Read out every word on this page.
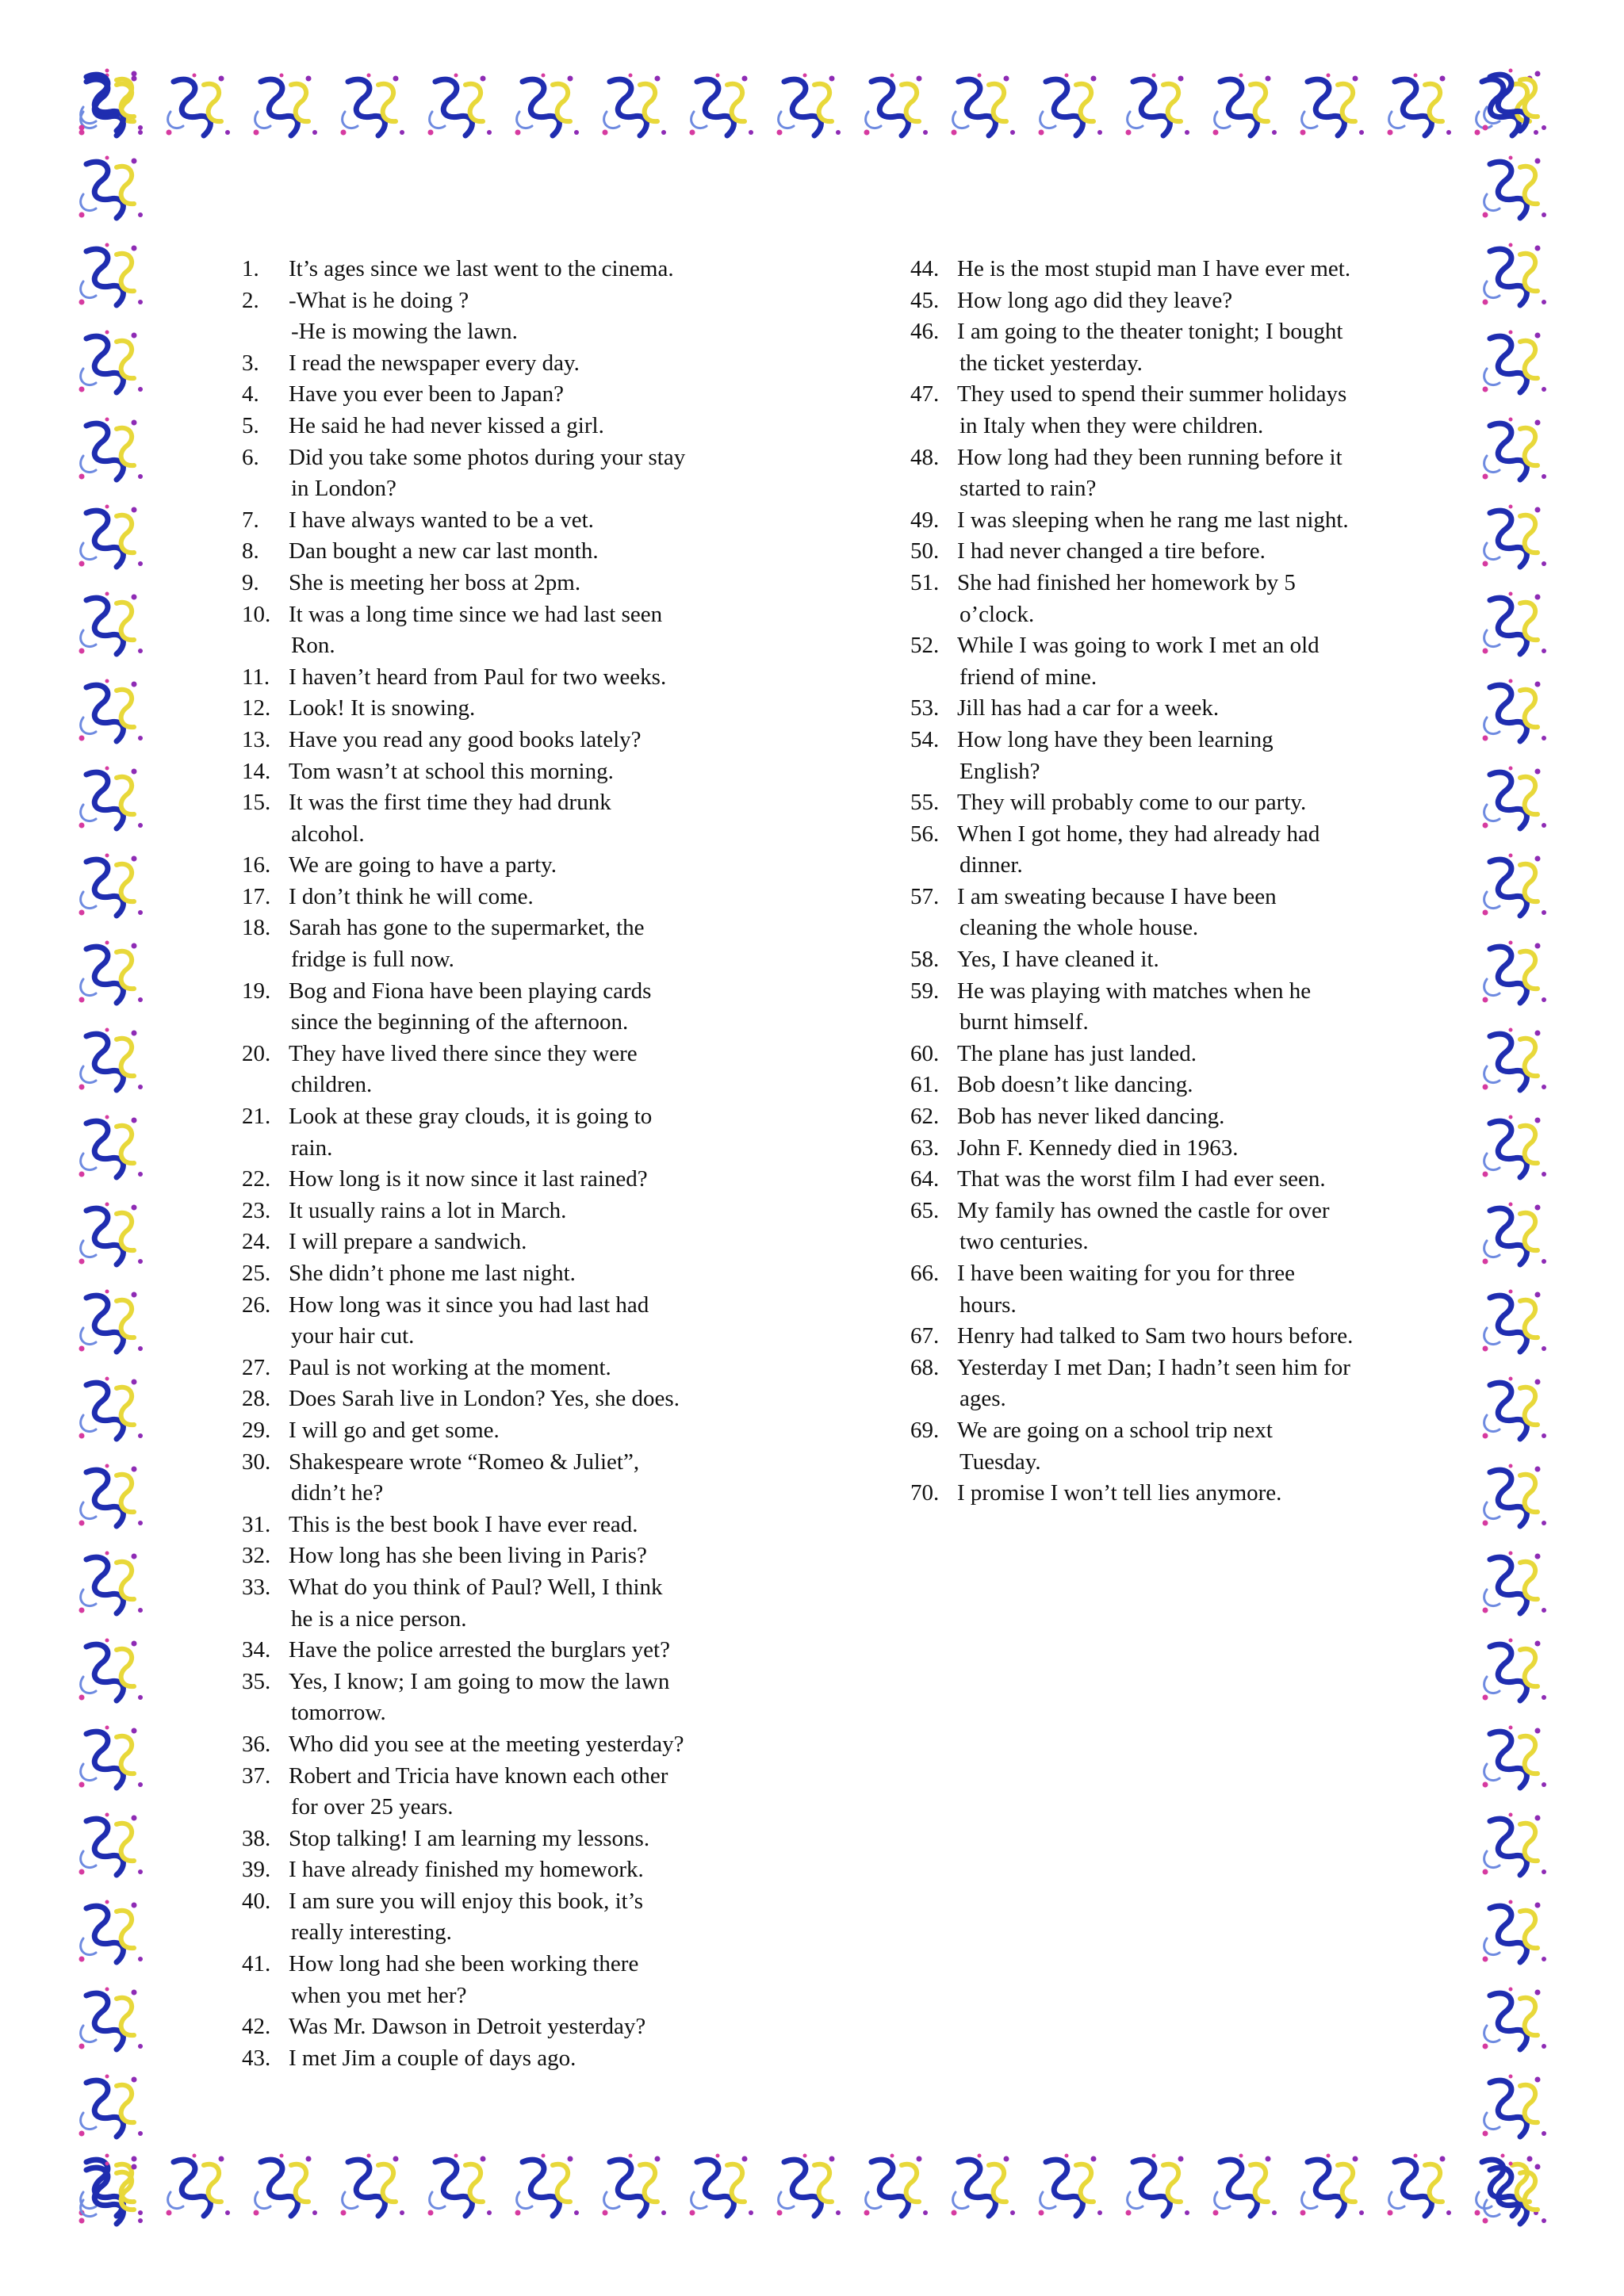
1.	It’s ages since we last went to the cinema.
2.	-What is he doing ?
-He is mowing the lawn.
3.	I read the newspaper every day.
4.	Have you ever been to Japan?
5.	He said he had never kissed a girl.
6.	Did you take some photos during your stay
in London?
7.	I have always wanted to be a vet.
8.	Dan bought a new car last month.
9.	She is meeting her boss at 2pm.
10. It was a long time since we had last seen
Ron.
11. I haven’t heard from Paul for two weeks.
12. Look! It is snowing.
13. Have you read any good books lately?
14. Tom wasn’t at school this morning.
15. It was the first time they had drunk
alcohol.
16. We are going to have a party.
17. I don’t think he will come.
18. Sarah has gone to the supermarket, the
fridge is full now.
19. Bog and Fiona have been playing cards
since the beginning of the afternoon.
20. They have lived there since they were
children.
21. Look at these gray clouds, it is going to
rain.
22. How long is it now since it last rained?
23. It usually rains a lot in March.
24. I will prepare a sandwich.
25. She didn’t phone me last night.
26. How long was it since you had last had
your hair cut.
27. Paul is not working at the moment.
28. Does Sarah live in London? Yes, she does.
29. I will go and get some.
30. Shakespeare wrote “Romeo & Juliet”,
didn’t he?
31. This is the best book I have ever read.
32. How long has she been living in Paris?
33. What do you think of Paul? Well, I think
he is a nice person.
34. Have the police arrested the burglars yet?
35. Yes, I know; I am going to mow the lawn
tomorrow.
36. Who did you see at the meeting yesterday?
37. Robert and Tricia have known each other
for over 25 years.
38. Stop talking! I am learning my lessons.
39. I have already finished my homework.
40. I am sure you will enjoy this book, it’s
really interesting.
41. How long had she been working there
when you met her?
42. Was Mr. Dawson in Detroit yesterday?
43. I met Jim a couple of days ago.
44. He is the most stupid man I have ever met.
45. How long ago did they leave?
46. I am going to the theater tonight; I bought
the ticket yesterday.
47. They used to spend their summer holidays
in Italy when they were children.
48. How long had they been running before it
started to rain?
49. I was sleeping when he rang me last night.
50. I had never changed a tire before.
51. She had finished her homework by 5
o’clock.
52. While I was going to work I met an old
friend of mine.
53. Jill has had a car for a week.
54. How long have they been learning
English?
55. They will probably come to our party.
56. When I got home, they had already had
dinner.
57. I am sweating because I have been
cleaning the whole house.
58. Yes, I have cleaned it.
59. He was playing with matches when he
burnt himself.
60. The plane has just landed.
61. Bob doesn’t like dancing.
62. Bob has never liked dancing.
63. John F. Kennedy died in 1963.
64. That was the worst film I had ever seen.
65. My family has owned the castle for over
two centuries.
66. I have been waiting for you for three
hours.
67. Henry had talked to Sam two hours before.
68. Yesterday I met Dan; I hadn’t seen him for
ages.
69. We are going on a school trip next
Tuesday.
70. I promise I won’t tell lies anymore.
